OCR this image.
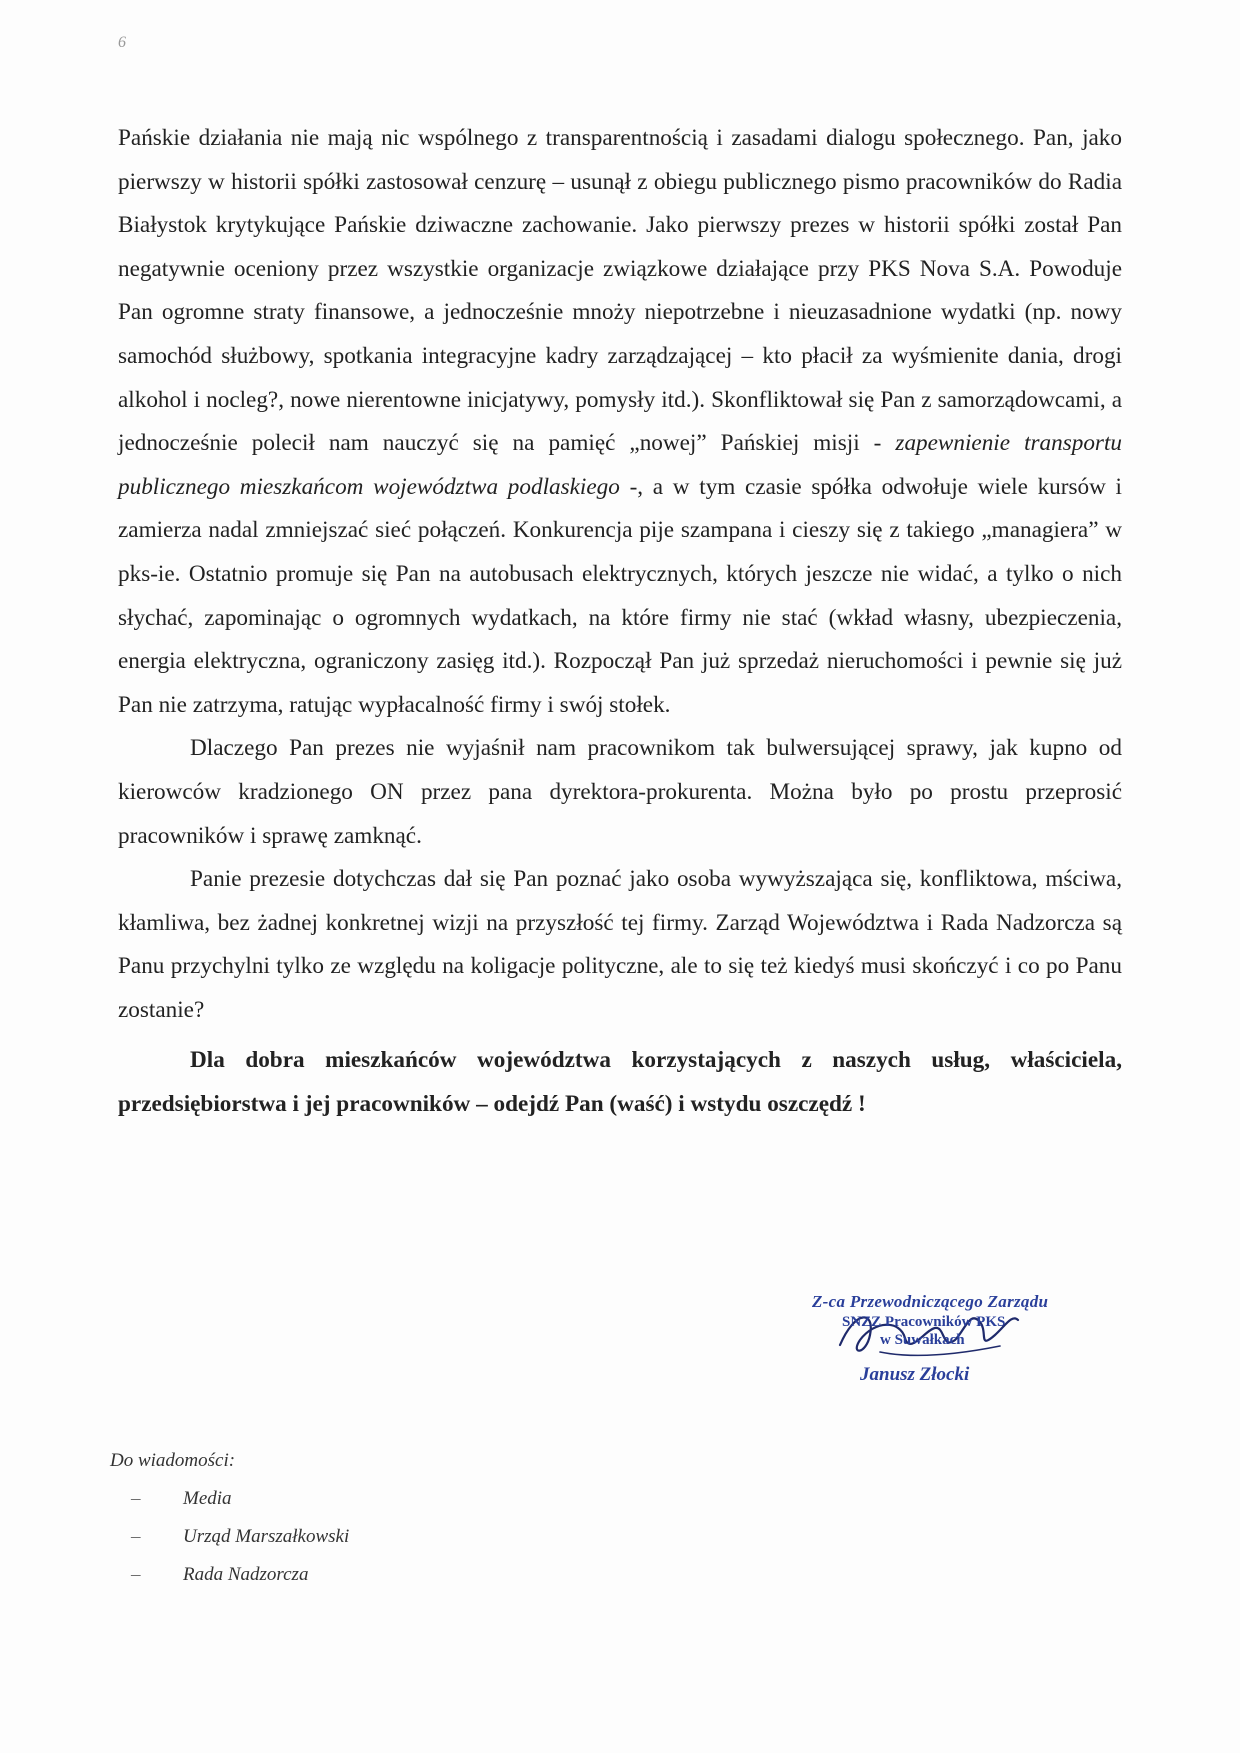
6

Pańskie działania nie mają nic wspólnego z transparentnością i zasadami dialogu społecznego. Pan, jako pierwszy w historii spółki zastosował cenzurę – usunął z obiegu publicznego pismo pracowników do Radia Białystok krytykujące Pańskie dziwaczne zachowanie. Jako pierwszy prezes w historii spółki został Pan negatywnie oceniony przez wszystkie organizacje związkowe działające przy PKS Nova S.A. Powoduje Pan ogromne straty finansowe, a jednocześnie mnoży niepotrzebne i nieuzasadnione wydatki (np. nowy samochód służbowy, spotkania integracyjne kadry zarządzającej – kto płacił za wyśmienite dania, drogi alkohol i nocleg?, nowe nierentowne inicjatywy, pomysły itd.). Skonfliktował się Pan z samorządowcami, a jednocześnie polecił nam nauczyć się na pamięć „nowej” Pańskiej misji - zapewnienie transportu publicznego mieszkańcom województwa podlaskiego -, a w tym czasie spółka odwołuje wiele kursów i zamierza nadal zmniejszać sieć połączeń. Konkurencja pije szampana i cieszy się z takiego „managiera” w pks-ie. Ostatnio promuje się Pan na autobusach elektrycznych, których jeszcze nie widać, a tylko o nich słychać, zapominając o ogromnych wydatkach, na które firmy nie stać (wkład własny, ubezpieczenia, energia elektryczna, ograniczony zasięg itd.). Rozpoczął Pan już sprzedaż nieruchomości i pewnie się już Pan nie zatrzyma, ratując wypłacalność firmy i swój stołek.

Dlaczego Pan prezes nie wyjaśnił nam pracownikom tak bulwersującej sprawy, jak kupno od kierowców kradzionego ON przez pana dyrektora-prokurenta. Można było po prostu przeprosić pracowników i sprawę zamknąć.

Panie prezesie dotychczas dał się Pan poznać jako osoba wywyższająca się, konfliktowa, mściwa, kłamliwa, bez żadnej konkretnej wizji na przyszłość tej firmy. Zarząd Województwa i Rada Nadzorcza są Panu przychylni tylko ze względu na koligacje polityczne, ale to się też kiedyś musi skończyć i co po Panu zostanie?

Dla dobra mieszkańców województwa korzystających z naszych usług, właściciela, przedsiębiorstwa i jej pracowników – odejdź Pan (waść) i wstydu oszczędź !

Z-ca Przewodniczącego Zarządu
SNZZ Pracowników PKS
w Suwałkach
Janusz Złocki

Do wiadomości:

– Media
– Urząd Marszałkowski
– Rada Nadzorcza
